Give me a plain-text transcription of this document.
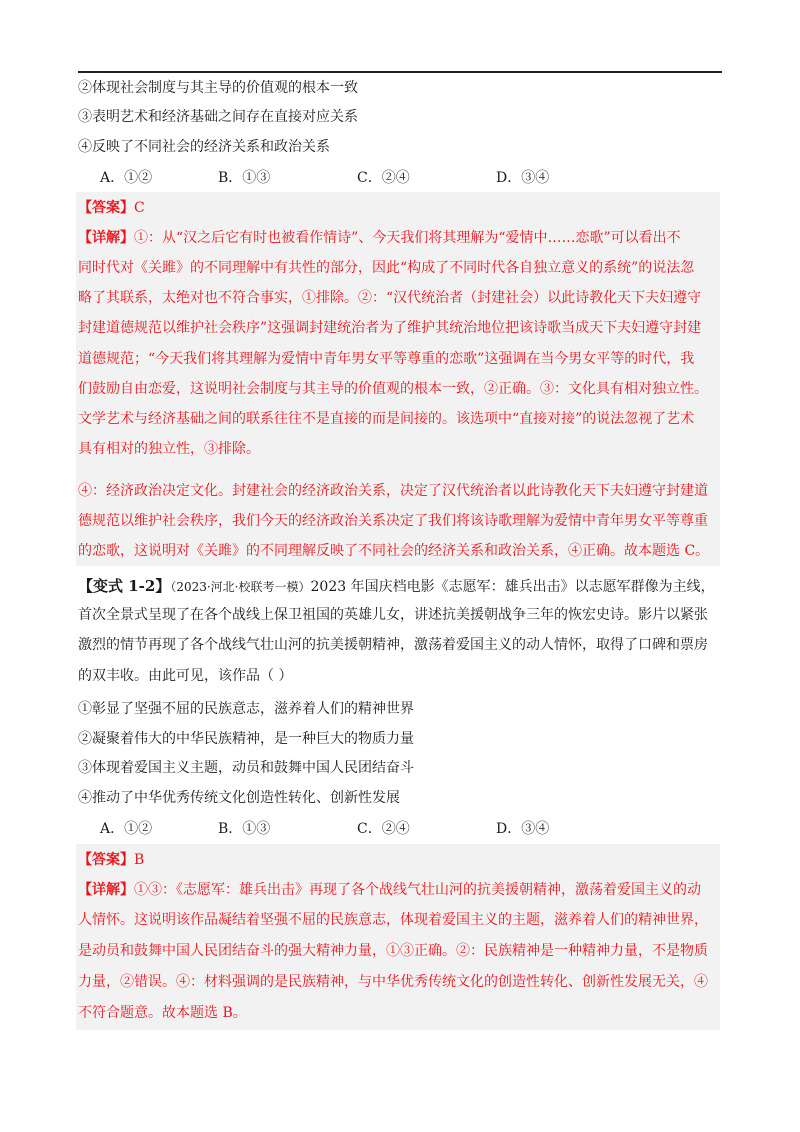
②体现社会制度与其主导的价值观的根本一致
③表明艺术和经济基础之间存在直接对应关系
④反映了不同社会的经济关系和政治关系
A．①②	B．①③	C．②④	D．③④
【答案】C
【详解】①：从“汉之后它有时也被看作情诗”、今天我们将其理解为“爱情中……恋歌”可以看出不
同时代对《关雎》的不同理解中有共性的部分，因此“构成了不同时代各自独立意义的系统”的说法忽
略了其联系，太绝对也不符合事实，①排除。②：“汉代统治者（封建社会）以此诗教化天下夫妇遵守
封建道德规范以维护社会秩序”这强调封建统治者为了维护其统治地位把该诗歌当成天下夫妇遵守封建
道德规范；“今天我们将其理解为爱情中青年男女平等尊重的恋歌”这强调在当今男女平等的时代，我
们鼓励自由恋爱，这说明社会制度与其主导的价值观的根本一致，②正确。③：文化具有相对独立性。
文学艺术与经济基础之间的联系往往不是直接的而是间接的。该选项中“直接对接”的说法忽视了艺术
具有相对的独立性，③排除。
④：经济政治决定文化。封建社会的经济政治关系，决定了汉代统治者以此诗教化天下夫妇遵守封建道
德规范以维护社会秩序，我们今天的经济政治关系决定了我们将该诗歌理解为爱情中青年男女平等尊重
的恋歌，这说明对《关雎》的不同理解反映了不同社会的经济关系和政治关系，④正确。故本题选 C。
【变式 1-2】（2023·河北·校联考一模）2023 年国庆档电影《志愿军：雄兵出击》以志愿军群像为主线，
首次全景式呈现了在各个战线上保卫祖国的英雄儿女，讲述抗美援朝战争三年的恢宏史诗。影片以紧张
激烈的情节再现了各个战线气壮山河的抗美援朝精神，激荡着爱国主义的动人情怀，取得了口碑和票房
的双丰收。由此可见，该作品（ ）
①彰显了坚强不屈的民族意志，滋养着人们的精神世界
②凝聚着伟大的中华民族精神，是一种巨大的物质力量
③体现着爱国主义主题，动员和鼓舞中国人民团结奋斗
④推动了中华优秀传统文化创造性转化、创新性发展
A．①②	B．①③	C．②④	D．③④
【答案】B
【详解】①③：《志愿军：雄兵出击》再现了各个战线气壮山河的抗美援朝精神，激荡着爱国主义的动
人情怀。这说明该作品凝结着坚强不屈的民族意志，体现着爱国主义的主题，滋养着人们的精神世界，
是动员和鼓舞中国人民团结奋斗的强大精神力量，①③正确。②：民族精神是一种精神力量，不是物质
力量，②错误。④：材料强调的是民族精神，与中华优秀传统文化的创造性转化、创新性发展无关，④
不符合题意。故本题选 B。
